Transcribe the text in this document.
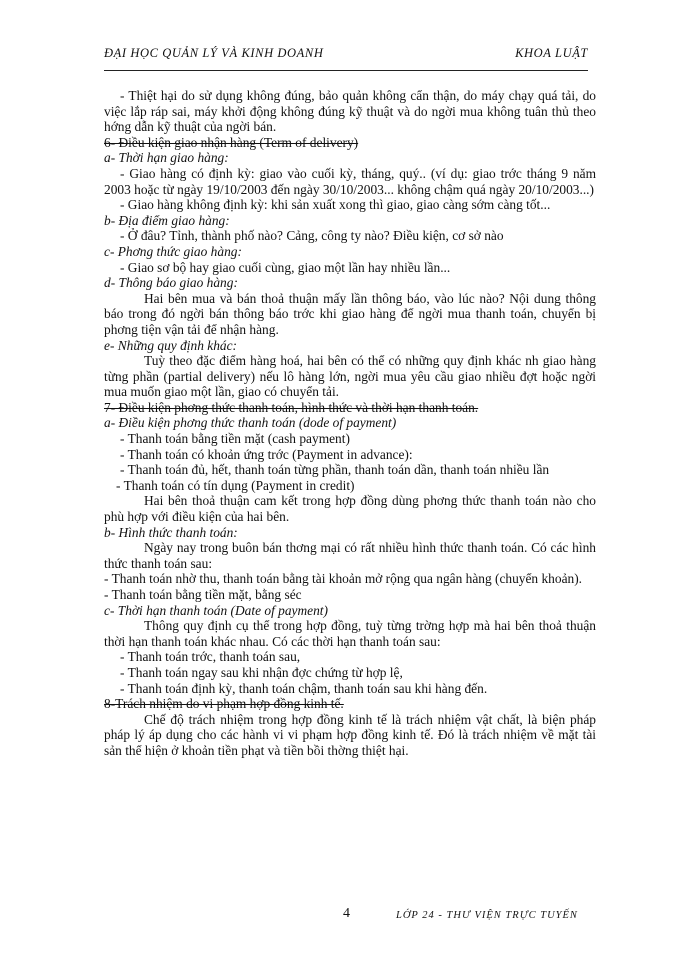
ĐẠI HỌC QUẢN LÝ VÀ KINH DOANH	KHOA LUẬT

- Thiệt hại do sử dụng không đúng, bảo quản không cẩn thận, do máy chạy quá tải, do việc lắp ráp sai, máy khởi động không đúng kỹ thuật và do ngời mua không tuân thủ theo hớng dẫn kỹ thuật của ngời bán.

6- Điều kiện giao nhận hàng (Term of delivery)

a- Thời hạn giao hàng:

- Giao hàng có định kỳ: giao vào cuối kỳ, tháng, quý.. (ví dụ: giao trớc tháng 9 năm 2003 hoặc từ ngày 19/10/2003 đến ngày 30/10/2003... không chậm quá ngày 20/10/2003...)

- Giao hàng không định kỳ: khi sản xuất xong thì giao, giao càng sớm càng tốt...

b- Địa điểm giao hàng:

- Ở đâu? Tỉnh, thành phố nào? Cảng, công ty nào? Điều kiện, cơ sở nào

c- Phơng thức giao hàng:

- Giao sơ bộ hay giao cuối cùng, giao một lần hay nhiều lần...

d- Thông báo giao hàng:

Hai bên mua và bán thoả thuận mấy lần thông báo, vào lúc nào? Nội dung thông báo trong đó ngời bán thông báo trớc khi giao hàng để ngời mua thanh toán, chuyển bị phơng tiện vận tải để nhận hàng.

e- Những quy định khác:

Tuỳ theo đặc điểm hàng hoá, hai bên có thể có những quy định khác nh giao hàng từng phần (partial delivery) nếu lô hàng lớn, ngời mua yêu cầu giao nhiều đợt hoặc ngời mua muốn giao một lần, giao có chuyển tải.

7- Điều kiện phơng thức thanh toán, hình thức và thời hạn thanh toán.

a- Điều kiện phơng thức thanh toán (dode of payment)

- Thanh toán bằng tiền mặt (cash payment)

- Thanh toán có khoản ứng trớc (Payment in advance):

- Thanh toán đủ, hết, thanh toán từng phần, thanh toán dần, thanh toán nhiều lần

- Thanh toán có tín dụng (Payment in credit)

Hai bên thoả thuận cam kết trong hợp đồng dùng phơng thức thanh toán nào cho phù hợp với điều kiện của hai bên.

b- Hình thức thanh toán:

Ngày nay trong buôn bán thơng mại có rất nhiều hình thức thanh toán. Có các hình thức thanh toán sau:

- Thanh toán nhờ thu, thanh toán bằng tài khoản mở rộng qua ngân hàng (chuyển khoản).

- Thanh toán bằng tiền mặt, bằng séc

c- Thời hạn thanh toán (Date of payment)

Thông quy định cụ thể trong hợp đồng, tuỳ từng trờng hợp mà hai bên thoả thuận thời hạn thanh toán khác nhau. Có các thời hạn thanh toán sau:

- Thanh toán trớc, thanh toán sau,

- Thanh toán ngay sau khi nhận đợc chứng từ hợp lệ,

- Thanh toán định kỳ, thanh toán chậm, thanh toán sau khi hàng đến.

8-Trách nhiệm do vi phạm hợp đồng kinh tế.

Chế độ trách nhiệm trong hợp đồng kinh tế là trách nhiệm vật chất, là biện pháp pháp lý áp dụng cho các hành vi vi phạm hợp đồng kinh tế. Đó là trách nhiệm về mặt tài sản thể hiện ở khoản tiền phạt và tiền bồi thờng thiệt hại.

4	LỚP 24 - THƯ VIỆN TRỰC TUYẾN
